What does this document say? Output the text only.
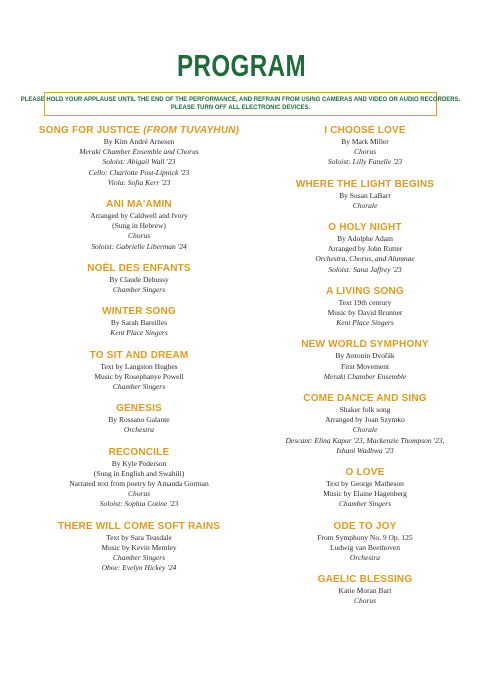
PROGRAM
PLEASE HOLD YOUR APPLAUSE UNTIL THE END OF THE PERFORMANCE, AND REFRAIN FROM USING CAMERAS AND VIDEO OR AUDIO RECORDERS.
PLEASE TURN OFF ALL ELECTRONIC DEVICES.
SONG FOR JUSTICE (FROM TUVAYHUN)
By Kim André Arnesen
Meraki Chamber Ensemble and Chorus
Soloist: Abigail Wall '23
Cello: Charlotte Post-Lipnick '23
Viola: Sofia Kerr '23
ANI MA'AMIN
Arranged by Caldwell and Ivory
(Sung in Hebrew)
Chorus
Soloist: Gabrielle Liberman '24
NOËL DES ENFANTS
By Claude Debussy
Chamber Singers
WINTER SONG
By Sarah Bareilles
Kent Place Singers
TO SIT AND DREAM
Text by Langston Hughes
Music by Rosephanye Powell
Chamber Singers
GENESIS
By Rossano Galante
Orchestra
RECONCILE
By Kyle Pederson
(Sung in English and Swahili)
Narrated text from poetry by Amanda Gorman
Chorus
Soloist: Sophia Cotine '23
THERE WILL COME SOFT RAINS
Text by Sara Teasdale
Music by Kevin Memley
Chamber Singers
Oboe: Evelyn Hickey '24
I CHOOSE LOVE
By Mark Miller
Chorus
Soloist: Lilly Fanelle '23
WHERE THE LIGHT BEGINS
By Susan LaBarr
Chorale
O HOLY NIGHT
By Adolphe Adam
Arranged by John Rutter
Orchestra, Chorus, and Alumnae
Soloist: Sana Jaffrey '23
A LIVING SONG
Text 19th century
Music by David Brunner
Kent Place Singers
NEW WORLD SYMPHONY
By Antonín Dvořák
First Movement
Meraki Chamber Ensemble
COME DANCE AND SING
Shaker folk song
Arranged by Joan Szymko
Chorale
Descant: Elina Kapur '23, Mackenzie Thompson '23,
Ishani Wadhwa '23
O LOVE
Text by George Matheson
Music by Elaine Hagenberg
Chamber Singers
ODE TO JOY
From Symphony No. 9 Op. 125
Ludwig van Beethoven
Orchestra
GAELIC BLESSING
Katie Moran Bart
Chorus
